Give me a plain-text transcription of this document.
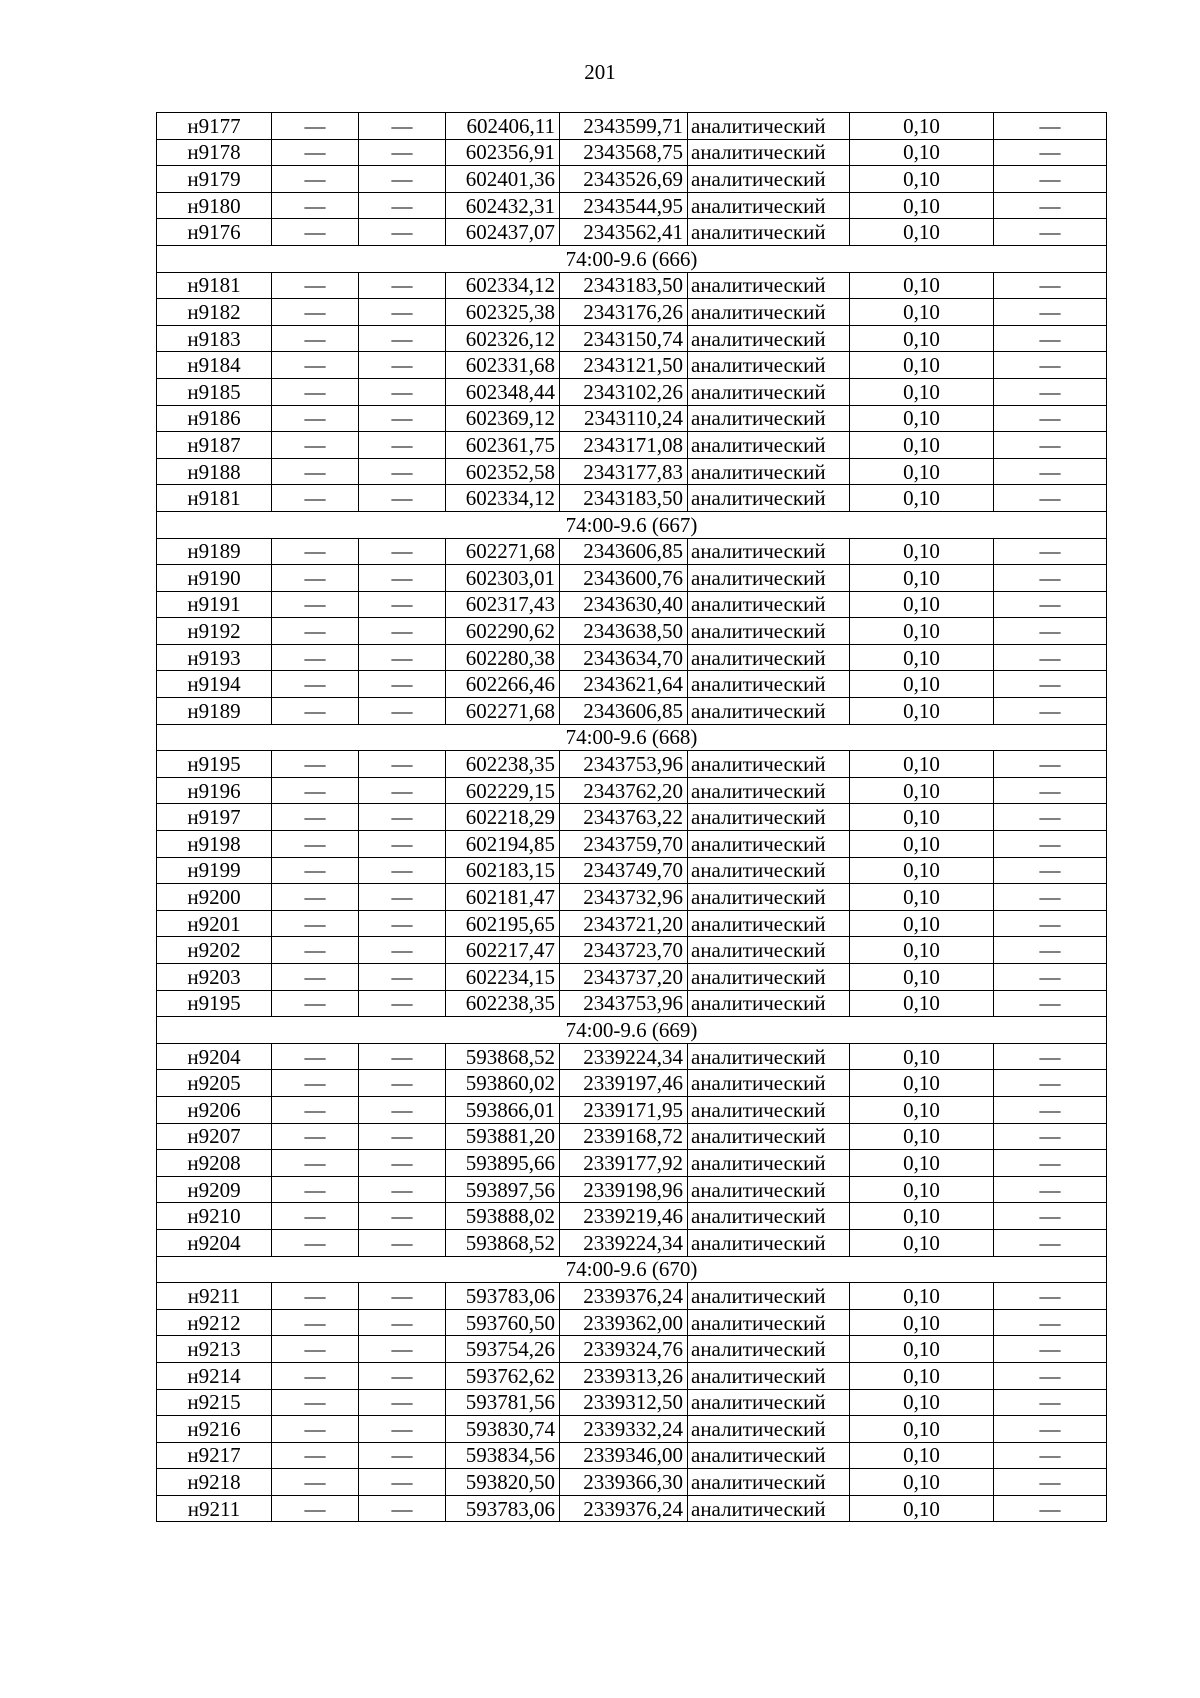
201
н9177	—	—	602406,11	2343599,71	аналитический	0,10	—
н9178	—	—	602356,91	2343568,75	аналитический	0,10	—
н9179	—	—	602401,36	2343526,69	аналитический	0,10	—
н9180	—	—	602432,31	2343544,95	аналитический	0,10	—
н9176	—	—	602437,07	2343562,41	аналитический	0,10	—
74:00-9.6 (666)							
н9181	—	—	602334,12	2343183,50	аналитический	0,10	—
н9182	—	—	602325,38	2343176,26	аналитический	0,10	—
н9183	—	—	602326,12	2343150,74	аналитический	0,10	—
н9184	—	—	602331,68	2343121,50	аналитический	0,10	—
н9185	—	—	602348,44	2343102,26	аналитический	0,10	—
н9186	—	—	602369,12	2343110,24	аналитический	0,10	—
н9187	—	—	602361,75	2343171,08	аналитический	0,10	—
н9188	—	—	602352,58	2343177,83	аналитический	0,10	—
н9181	—	—	602334,12	2343183,50	аналитический	0,10	—
74:00-9.6 (667)							
н9189	—	—	602271,68	2343606,85	аналитический	0,10	—
н9190	—	—	602303,01	2343600,76	аналитический	0,10	—
н9191	—	—	602317,43	2343630,40	аналитический	0,10	—
н9192	—	—	602290,62	2343638,50	аналитический	0,10	—
н9193	—	—	602280,38	2343634,70	аналитический	0,10	—
н9194	—	—	602266,46	2343621,64	аналитический	0,10	—
н9189	—	—	602271,68	2343606,85	аналитический	0,10	—
74:00-9.6 (668)							
н9195	—	—	602238,35	2343753,96	аналитический	0,10	—
н9196	—	—	602229,15	2343762,20	аналитический	0,10	—
н9197	—	—	602218,29	2343763,22	аналитический	0,10	—
н9198	—	—	602194,85	2343759,70	аналитический	0,10	—
н9199	—	—	602183,15	2343749,70	аналитический	0,10	—
н9200	—	—	602181,47	2343732,96	аналитический	0,10	—
н9201	—	—	602195,65	2343721,20	аналитический	0,10	—
н9202	—	—	602217,47	2343723,70	аналитический	0,10	—
н9203	—	—	602234,15	2343737,20	аналитический	0,10	—
н9195	—	—	602238,35	2343753,96	аналитический	0,10	—
74:00-9.6 (669)							
н9204	—	—	593868,52	2339224,34	аналитический	0,10	—
н9205	—	—	593860,02	2339197,46	аналитический	0,10	—
н9206	—	—	593866,01	2339171,95	аналитический	0,10	—
н9207	—	—	593881,20	2339168,72	аналитический	0,10	—
н9208	—	—	593895,66	2339177,92	аналитический	0,10	—
н9209	—	—	593897,56	2339198,96	аналитический	0,10	—
н9210	—	—	593888,02	2339219,46	аналитический	0,10	—
н9204	—	—	593868,52	2339224,34	аналитический	0,10	—
74:00-9.6 (670)							
н9211	—	—	593783,06	2339376,24	аналитический	0,10	—
н9212	—	—	593760,50	2339362,00	аналитический	0,10	—
н9213	—	—	593754,26	2339324,76	аналитический	0,10	—
н9214	—	—	593762,62	2339313,26	аналитический	0,10	—
н9215	—	—	593781,56	2339312,50	аналитический	0,10	—
н9216	—	—	593830,74	2339332,24	аналитический	0,10	—
н9217	—	—	593834,56	2339346,00	аналитический	0,10	—
н9218	—	—	593820,50	2339366,30	аналитический	0,10	—
н9211	—	—	593783,06	2339376,24	аналитический	0,10	—
